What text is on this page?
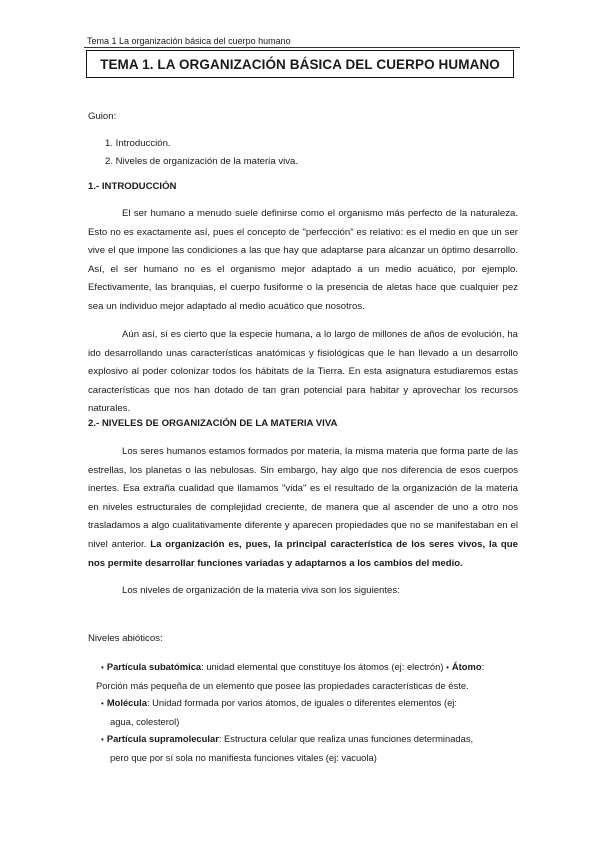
Tema 1 La organización básica del cuerpo humano
TEMA 1. LA ORGANIZACIÓN BÁSICA DEL CUERPO HUMANO
Guion:
1. Introducción.
2. Niveles de organización de la materia viva.
1.- INTRODUCCIÓN

El ser humano a menudo suele definirse como el organismo más perfecto de la naturaleza. Esto no es exactamente así, pues el concepto de "perfección" es relativo: es el medio en que un ser vive el que impone las condiciones a las que hay que adaptarse para alcanzar un óptimo desarrollo. Así, el ser humano no es el organismo mejor adaptado a un medio acuático, por ejemplo. Efectivamente, las branquias, el cuerpo fusiforme o la presencia de aletas hace que cualquier pez sea un individuo mejor adaptado al medio acuático que nosotros.

Aún así, sí es cierto que la especie humana, a lo largo de millones de años de evolución, ha ido desarrollando unas características anatómicas y fisiológicas que le han llevado a un desarrollo explosivo al poder colonizar todos los hábitats de la Tierra. En esta asignatura estudiaremos estas características que nos han dotado de tan gran potencial para habitar y aprovechar los recursos naturales.

2.- NIVELES DE ORGANIZACIÓN DE LA MATERIA VIVA

Los seres humanos estamos formados por materia, la misma materia que forma parte de las estrellas, los planetas o las nebulosas. Sin embargo, hay algo que nos diferencia de esos cuerpos inertes. Esa extraña cualidad que llamamos "vida" es el resultado de la organización de la materia en niveles estructurales de complejidad creciente, de manera que al ascender de uno a otro nos trasladamos a algo cualitativamente diferente y aparecen propiedades que no se manifestaban en el nivel anterior. La organización es, pues, la principal característica de los seres vivos, la que nos permite desarrollar funciones variadas y adaptarnos a los cambios del medio.

Los niveles de organización de la materia viva son los siguientes:

Niveles abióticos:
• Partícula subatómica: unidad elemental que constituye los átomos (ej: electrón) • Átomo:
Porción más pequeña de un elemento que posee las propiedades características de éste.
• Molécula: Unidad formada por varios átomos, de iguales o diferentes elementos (ej:
agua, colesterol)
• Partícula supramolecular: Estructura celular que realiza unas funciones determinadas,
pero que por sí sola no manifiesta funciones vitales (ej: vacuola)
